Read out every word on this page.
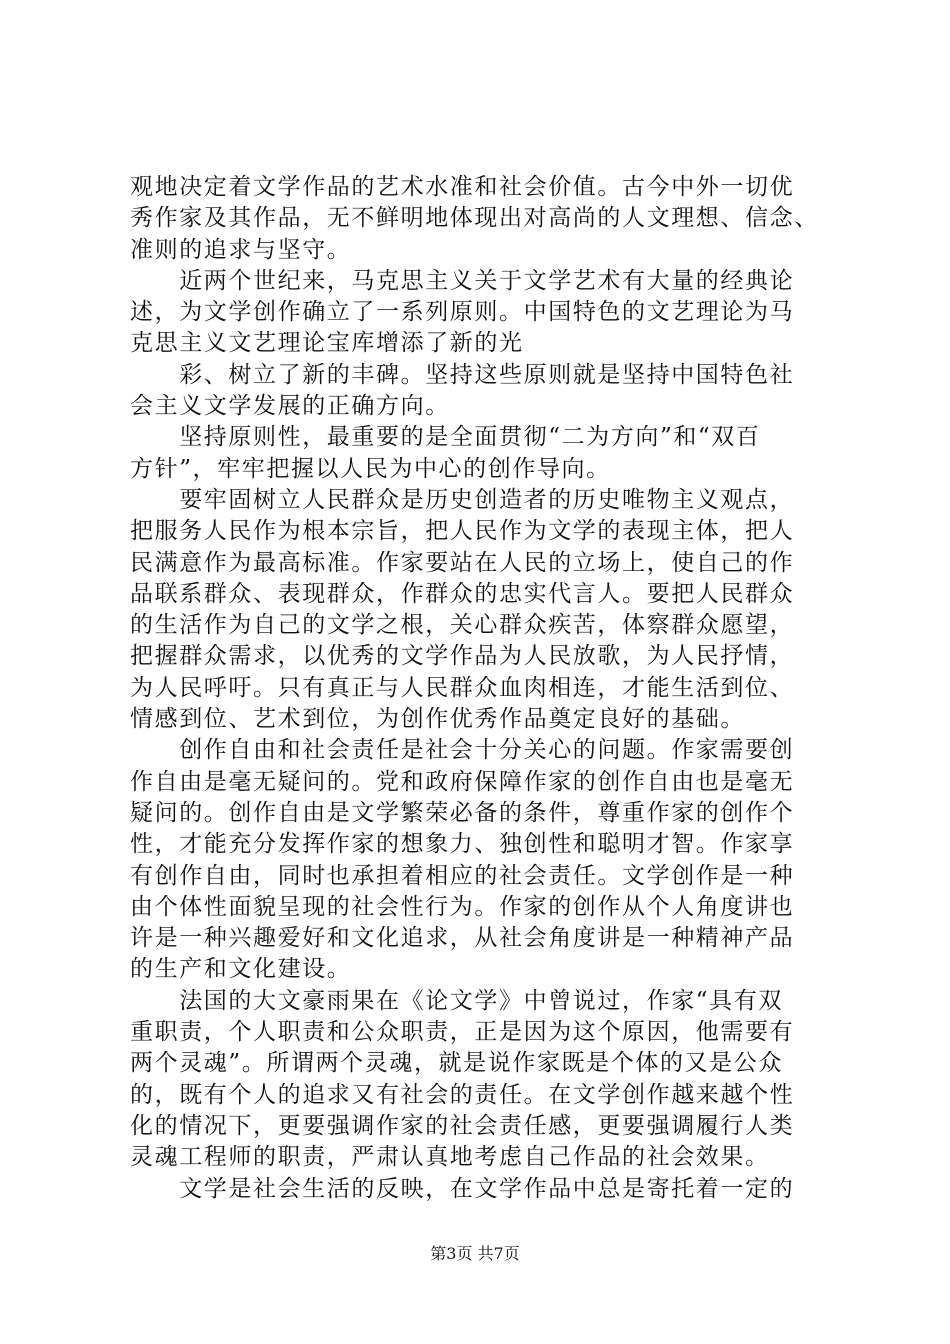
观地决定着文学作品的艺术水准和社会价值。古今中外一切优
秀作家及其作品，无不鲜明地体现出对高尚的人文理想、信念、
准则的追求与坚守。
　　近两个世纪来，马克思主义关于文学艺术有大量的经典论
述，为文学创作确立了一系列原则。中国特色的文艺理论为马
克思主义文艺理论宝库增添了新的光
　　彩、树立了新的丰碑。坚持这些原则就是坚持中国特色社
会主义文学发展的正确方向。
　　坚持原则性，最重要的是全面贯彻“二为方向”和“双百
方针”，牢牢把握以人民为中心的创作导向。
　　要牢固树立人民群众是历史创造者的历史唯物主义观点，
把服务人民作为根本宗旨，把人民作为文学的表现主体，把人
民满意作为最高标准。作家要站在人民的立场上，使自己的作
品联系群众、表现群众，作群众的忠实代言人。要把人民群众
的生活作为自己的文学之根，关心群众疾苦，体察群众愿望，
把握群众需求，以优秀的文学作品为人民放歌，为人民抒情，
为人民呼吁。只有真正与人民群众血肉相连，才能生活到位、
情感到位、艺术到位，为创作优秀作品奠定良好的基础。
　　创作自由和社会责任是社会十分关心的问题。作家需要创
作自由是毫无疑问的。党和政府保障作家的创作自由也是毫无
疑问的。创作自由是文学繁荣必备的条件，尊重作家的创作个
性，才能充分发挥作家的想象力、独创性和聪明才智。作家享
有创作自由，同时也承担着相应的社会责任。文学创作是一种
由个体性面貌呈现的社会性行为。作家的创作从个人角度讲也
许是一种兴趣爱好和文化追求，从社会角度讲是一种精神产品
的生产和文化建设。
　　法国的大文豪雨果在《论文学》中曾说过，作家“具有双
重职责，个人职责和公众职责，正是因为这个原因，他需要有
两个灵魂”。所谓两个灵魂，就是说作家既是个体的又是公众
的，既有个人的追求又有社会的责任。在文学创作越来越个性
化的情况下，更要强调作家的社会责任感，更要强调履行人类
灵魂工程师的职责，严肃认真地考虑自己作品的社会效果。
　　文学是社会生活的反映，在文学作品中总是寄托着一定的
第3页 共7页
